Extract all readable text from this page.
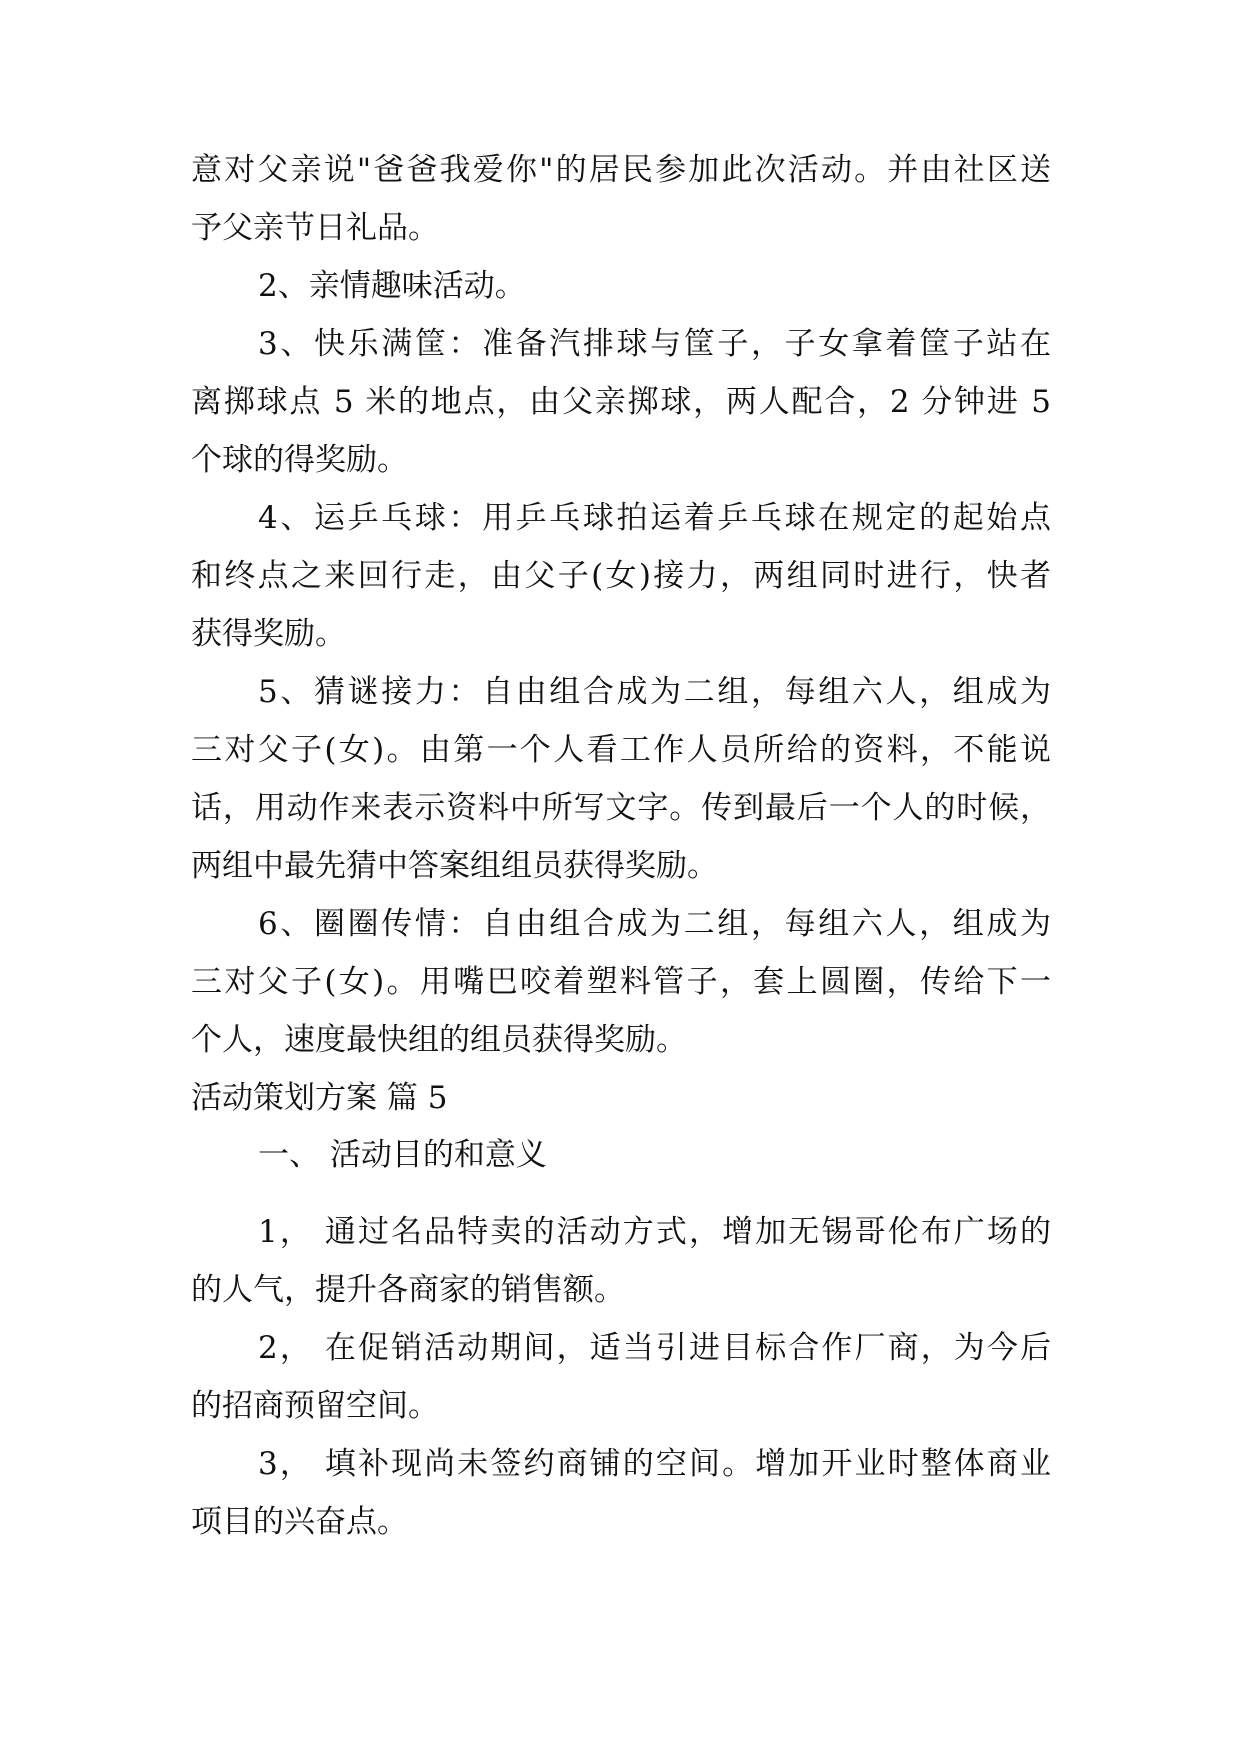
意对父亲说"爸爸我爱你"的居民参加此次活动。并由社区送
予父亲节日礼品。
2、亲情趣味活动。
3、快乐满筐：准备汽排球与筐子，子女拿着筐子站在
离掷球点 5 米的地点，由父亲掷球，两人配合，2 分钟进 5
个球的得奖励。
4、运乒乓球：用乒乓球拍运着乒乓球在规定的起始点
和终点之来回行走，由父子(女)接力，两组同时进行，快者
获得奖励。
5、猜谜接力：自由组合成为二组，每组六人，组成为
三对父子(女)。由第一个人看工作人员所给的资料，不能说
话，用动作来表示资料中所写文字。传到最后一个人的时候，
两组中最先猜中答案组组员获得奖励。
6、圈圈传情：自由组合成为二组，每组六人，组成为
三对父子(女)。用嘴巴咬着塑料管子，套上圆圈，传给下一
个人，速度最快组的组员获得奖励。
活动策划方案 篇 5
一、 活动目的和意义
1， 通过名品特卖的活动方式，增加无锡哥伦布广场的
的人气，提升各商家的销售额。
2， 在促销活动期间，适当引进目标合作厂商，为今后
的招商预留空间。
3， 填补现尚未签约商铺的空间。增加开业时整体商业
项目的兴奋点。
